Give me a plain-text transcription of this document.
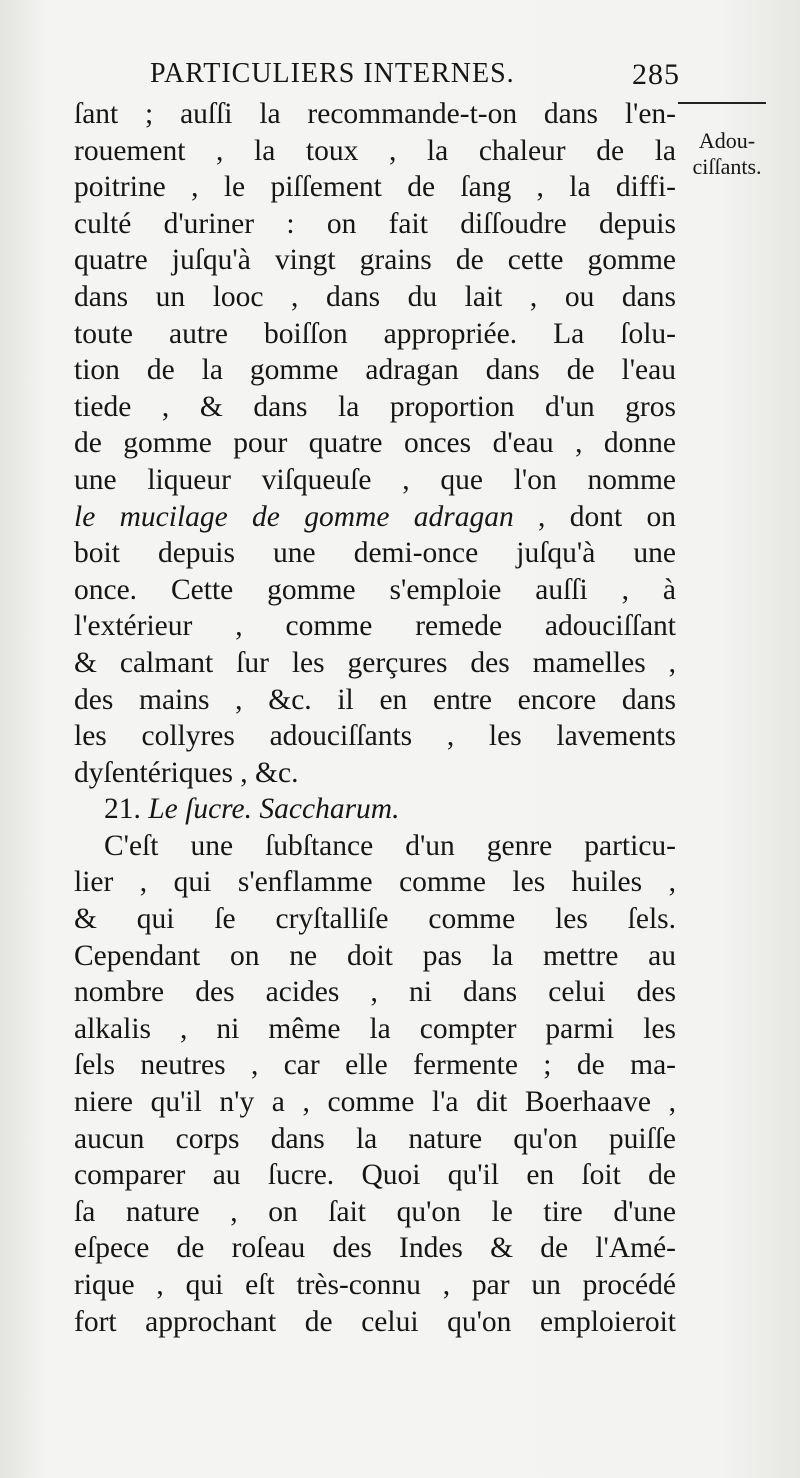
PARTICULIERS INTERNES.	285
Adou-
ciſſants.
ſant ; auſſi la recommande-t-on dans l'en-
rouement , la toux , la chaleur de la
poitrine , le piſſement de ſang , la diffi-
culté d'uriner : on fait diſſoudre depuis
quatre juſqu'à vingt grains de cette gomme
dans un looc , dans du lait , ou dans
toute autre boiſſon appropriée. La ſolu-
tion de la gomme adragan dans de l'eau
tiede , & dans la proportion d'un gros
de gomme pour quatre onces d'eau , donne
une liqueur viſqueuſe , que l'on nomme
le mucilage de gomme adragan , dont on
boit depuis une demi-once juſqu'à une
once. Cette gomme s'emploie auſſi , à
l'extérieur , comme remede adouciſſant
& calmant ſur les gerçures des mamelles ,
des mains , &c. il en entre encore dans
les collyres adouciſſants , les lavements
dyſentériques , &c.
21. Le ſucre. Saccharum.
C'eſt une ſubſtance d'un genre particu-
lier , qui s'enflamme comme les huiles ,
& qui ſe cryſtalliſe comme les ſels.
Cependant on ne doit pas la mettre au
nombre des acides , ni dans celui des
alkalis , ni même la compter parmi les
ſels neutres , car elle fermente ; de ma-
niere qu'il n'y a , comme l'a dit Boerhaave ,
aucun corps dans la nature qu'on puiſſe
comparer au ſucre. Quoi qu'il en ſoit de
ſa nature , on ſait qu'on le tire d'une
eſpece de roſeau des Indes & de l'Amé-
rique , qui eſt très-connu , par un procédé
fort approchant de celui qu'on emploieroit
